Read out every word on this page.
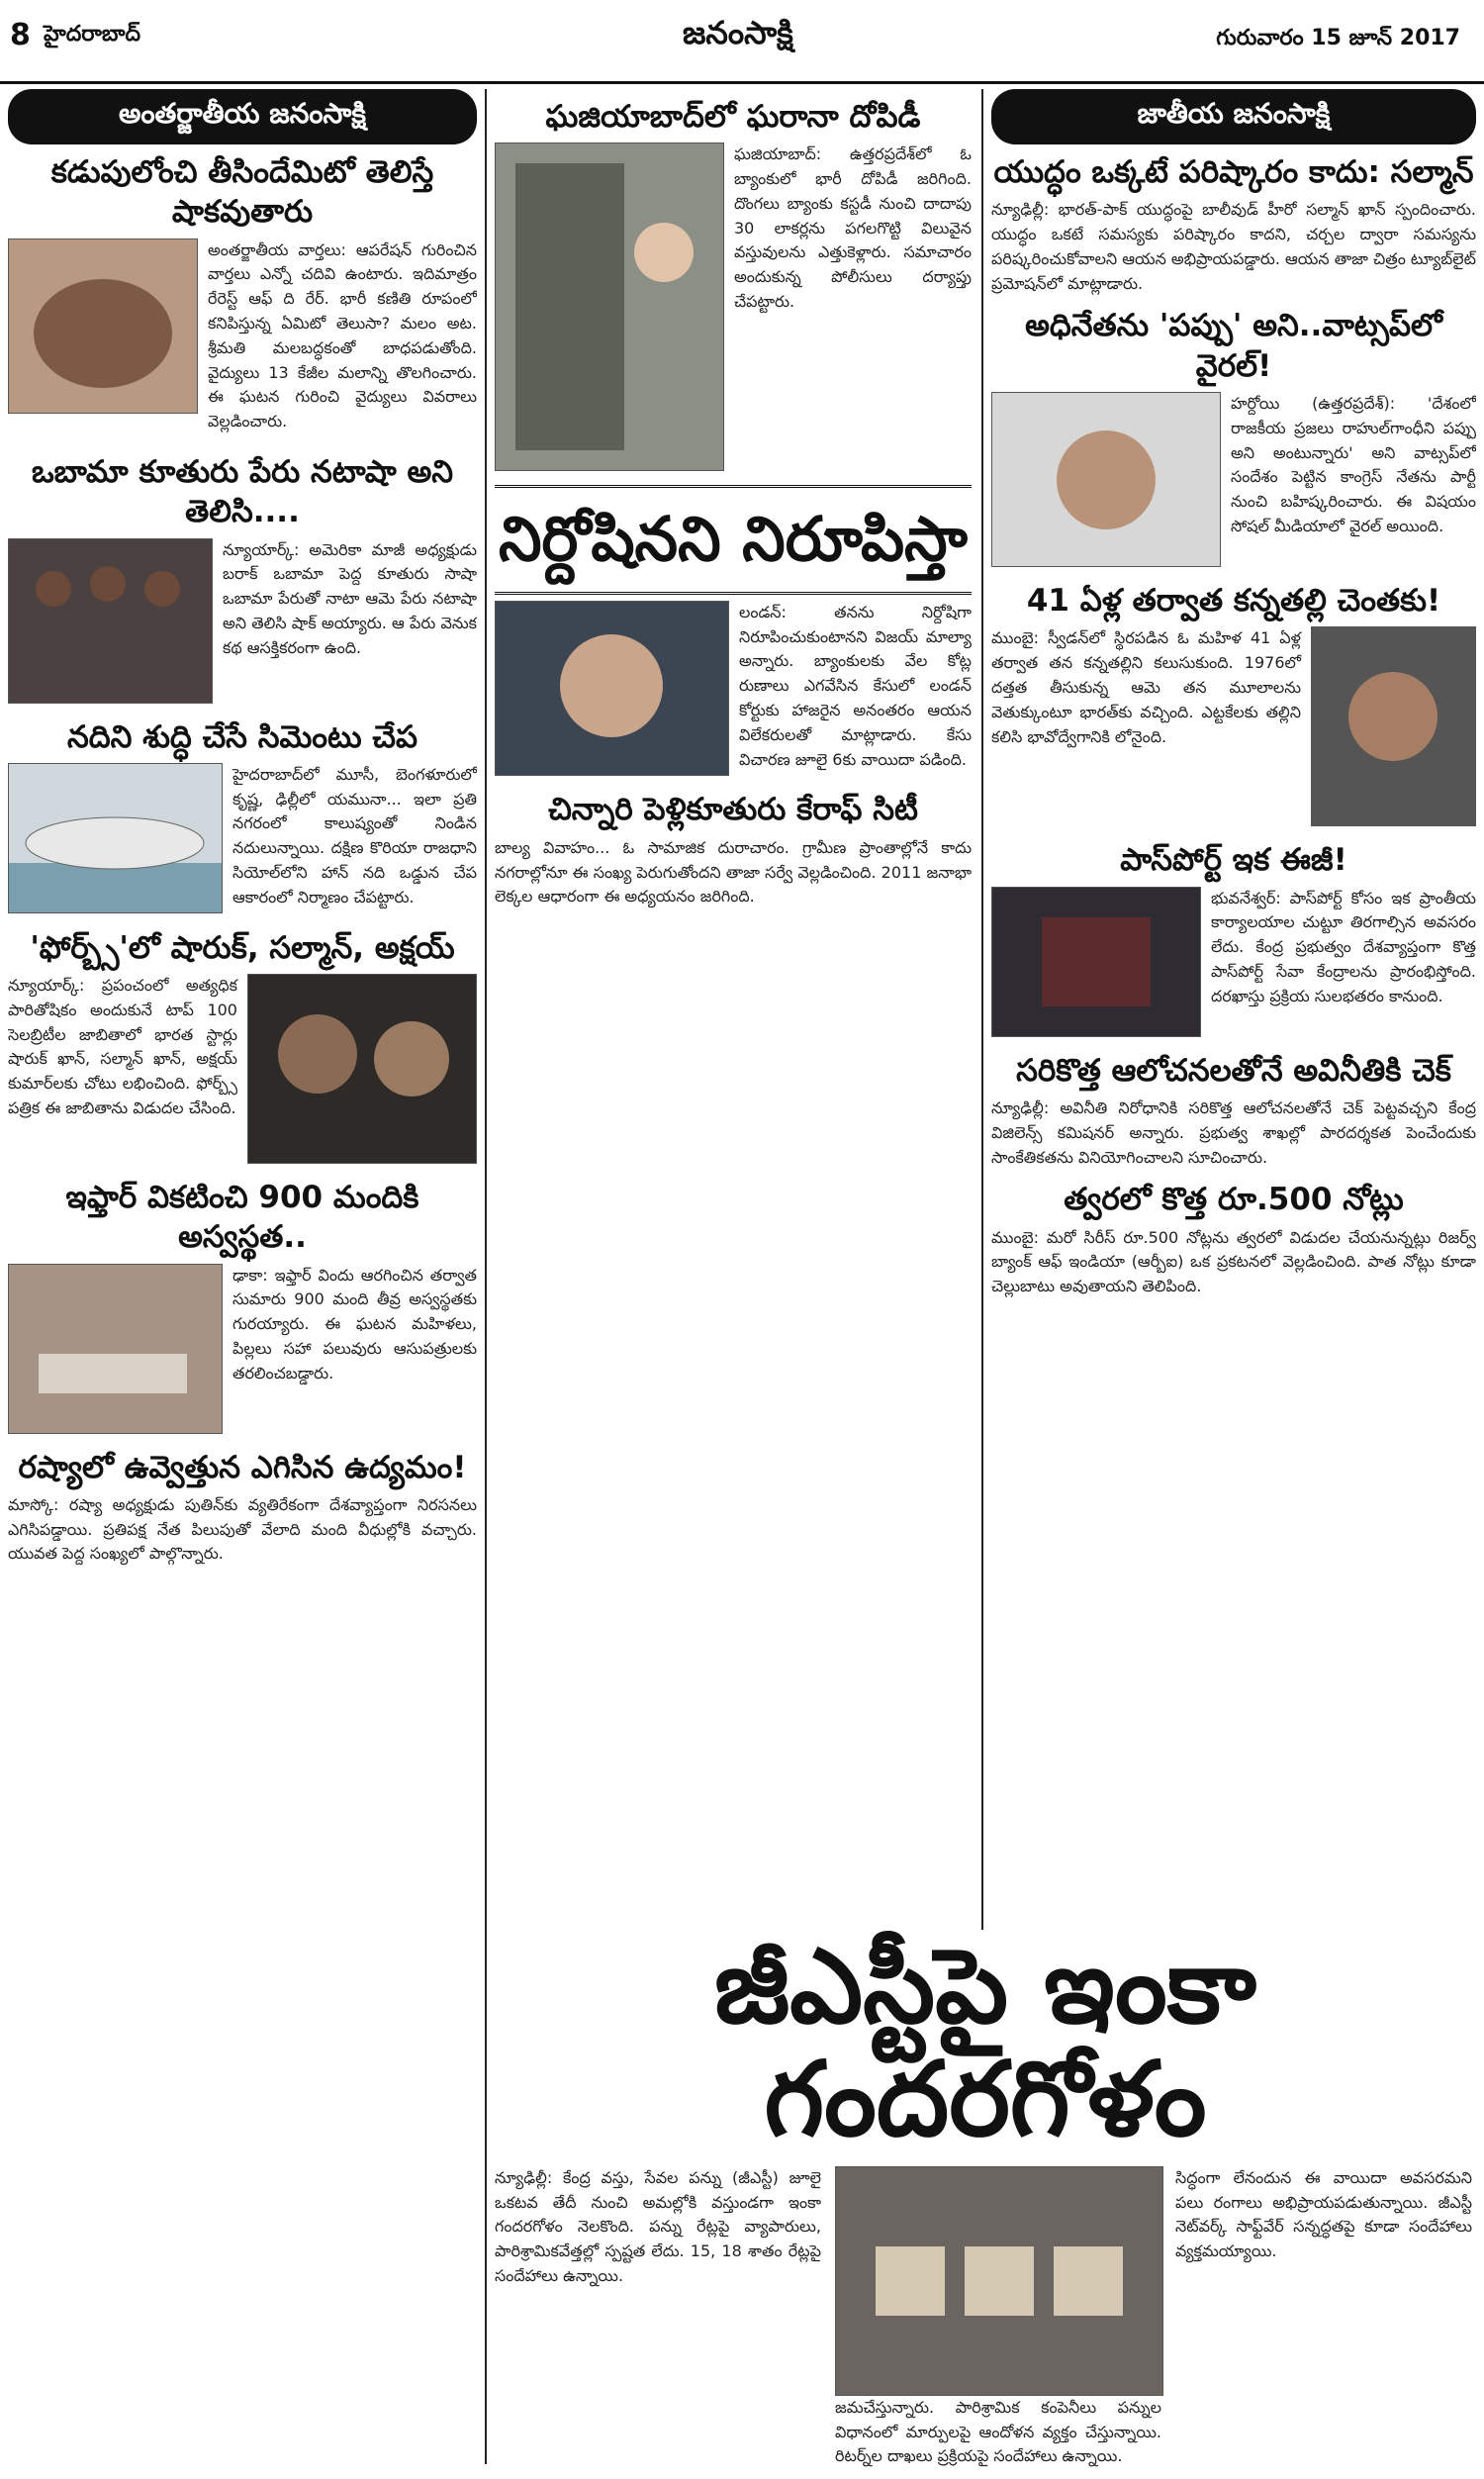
8 హైదరాబాద్	జనంసాక్షి	గురువారం 15 జూన్ 2017
అంతర్జాతీయ జనంసాక్షి
కడుపులోంచి తీసిందేమిటో తెలిస్తే షాకవుతారు

అంతర్జాతీయ వార్తలు: ఆపరేషన్ గురించిన వార్తలు ఎన్నో చదివి ఉంటారు. ఇదిమాత్రం రేరెస్ట్ ఆఫ్ ది రేర్. భారీ కణితి రూపంలో కనిపిస్తున్న ఏమిటో తెలుసా? మలం అట. శ్రీమతి మలబద్ధకంతో బాధపడుతోంది. వైద్యులు 13 కేజీల మలాన్ని తొలగించారు. ఈ ఘటన గురించి వైద్యులు వివరాలు వెల్లడించారు.

ఒబామా కూతురు పేరు నటాషా అని తెలిసి....

న్యూయార్క్: అమెరికా మాజీ అధ్యక్షుడు బరాక్ ఒబామా పెద్ద కూతురు సాషా ఒబామా పేరుతో నాటా ఆమె పేరు నటాషా అని తెలిసి షాక్ అయ్యారు. ఆ పేరు వెనుక కథ ఆసక్తికరంగా ఉంది.

నదిని శుద్ధి చేసే సిమెంటు చేప

హైదరాబాద్‌లో మూసీ, బెంగళూరులో కృష్ణ, ఢిల్లీలో యమునా... ఇలా ప్రతి నగరంలో కాలుష్యంతో నిండిన నదులున్నాయి. దక్షిణ కొరియా రాజధాని సియోల్‌లోని హాన్ నది ఒడ్డున చేప ఆకారంలో నిర్మాణం చేపట్టారు.

'ఫోర్బ్స్'లో షారుక్, సల్మాన్, అక్షయ్

న్యూయార్క్: ప్రపంచంలో అత్యధిక పారితోషికం అందుకునే టాప్ 100 సెలబ్రిటీల జాబితాలో భారత స్టార్లు షారుక్ ఖాన్, సల్మాన్ ఖాన్, అక్షయ్ కుమార్‌లకు చోటు లభించింది. ఫోర్బ్స్ పత్రిక ఈ జాబితాను విడుదల చేసింది.

ఇఫ్తార్ వికటించి 900 మందికి అస్వస్థత..

ఢాకా: ఇఫ్తార్ విందు ఆరగించిన తర్వాత సుమారు 900 మంది తీవ్ర అస్వస్థతకు గురయ్యారు. ఈ ఘటన మహిళలు, పిల్లలు సహా పలువురు ఆసుపత్రులకు తరలించబడ్డారు.

రష్యాలో ఉవ్వెత్తున ఎగిసిన ఉద్యమం!

మాస్కో: రష్యా అధ్యక్షుడు పుతిన్‌కు వ్యతిరేకంగా దేశవ్యాప్తంగా నిరసనలు ఎగిసిపడ్డాయి. ప్రతిపక్ష నేత పిలుపుతో వేలాది మంది వీధుల్లోకి వచ్చారు. యువత పెద్ద సంఖ్యలో పాల్గొన్నారు.

ఘజియాబాద్‌లో ఘరానా దోపిడీ

ఘజియాబాద్: ఉత్తరప్రదేశ్‌లో ఓ బ్యాంకులో భారీ దోపిడీ జరిగింది. దొంగలు బ్యాంకు కస్టడీ నుంచి దాదాపు 30 లాకర్లను పగలగొట్టి విలువైన వస్తువులను ఎత్తుకెళ్లారు. సమాచారం అందుకున్న పోలీసులు దర్యాప్తు చేపట్టారు.

నిర్దోషినని నిరూపిస్తా

లండన్: తనను నిర్దోషిగా నిరూపించుకుంటానని విజయ్ మాల్యా అన్నారు. బ్యాంకులకు వేల కోట్ల రుణాలు ఎగవేసిన కేసులో లండన్ కోర్టుకు హాజరైన అనంతరం ఆయన విలేకరులతో మాట్లాడారు. కేసు విచారణ జూలై 6కు వాయిదా పడింది.

చిన్నారి పెళ్లికూతురు కేరాఫ్ సిటీ

బాల్య వివాహం... ఓ సామాజిక దురాచారం. గ్రామీణ ప్రాంతాల్లోనే కాదు నగరాల్లోనూ ఈ సంఖ్య పెరుగుతోందని తాజా సర్వే వెల్లడించింది. 2011 జనాభా లెక్కల ఆధారంగా ఈ అధ్యయనం జరిగింది.

జాతీయ జనంసాక్షి
యుద్ధం ఒక్కటే పరిష్కారం కాదు: సల్మాన్

న్యూఢిల్లీ: భారత్-పాక్ యుద్ధంపై బాలీవుడ్ హీరో సల్మాన్ ఖాన్ స్పందించారు. యుద్ధం ఒకటే సమస్యకు పరిష్కారం కాదని, చర్చల ద్వారా సమస్యను పరిష్కరించుకోవాలని ఆయన అభిప్రాయపడ్డారు. ఆయన తాజా చిత్రం ట్యూబ్‌లైట్ ప్రమోషన్‌లో మాట్లాడారు.

అధినేతను 'పప్పు' అని..వాట్సప్‌లో వైరల్!

హర్దోయి (ఉత్తరప్రదేశ్): 'దేశంలో రాజకీయ ప్రజలు రాహుల్‌గాంధీని పప్పు అని అంటున్నారు' అని వాట్సప్‌లో సందేశం పెట్టిన కాంగ్రెస్ నేతను పార్టీ నుంచి బహిష్కరించారు. ఈ విషయం సోషల్ మీడియాలో వైరల్ అయింది.

41 ఏళ్ల తర్వాత కన్నతల్లి చెంతకు!

ముంబై: స్వీడన్‌లో స్థిరపడిన ఓ మహిళ 41 ఏళ్ల తర్వాత తన కన్నతల్లిని కలుసుకుంది. 1976లో దత్తత తీసుకున్న ఆమె తన మూలాలను వెతుక్కుంటూ భారత్‌కు వచ్చింది. ఎట్టకేలకు తల్లిని కలిసి భావోద్వేగానికి లోనైంది.

పాస్‌పోర్ట్ ఇక ఈజీ!

భువనేశ్వర్: పాస్‌పోర్ట్ కోసం ఇక ప్రాంతీయ కార్యాలయాల చుట్టూ తిరగాల్సిన అవసరం లేదు. కేంద్ర ప్రభుత్వం దేశవ్యాప్తంగా కొత్త పాస్‌పోర్ట్ సేవా కేంద్రాలను ప్రారంభిస్తోంది. దరఖాస్తు ప్రక్రియ సులభతరం కానుంది.

సరికొత్త ఆలోచనలతోనే అవినీతికి చెక్

న్యూఢిల్లీ: అవినీతి నిరోధానికి సరికొత్త ఆలోచనలతోనే చెక్ పెట్టవచ్చని కేంద్ర విజిలెన్స్ కమిషనర్ అన్నారు. ప్రభుత్వ శాఖల్లో పారదర్శకత పెంచేందుకు సాంకేతికతను వినియోగించాలని సూచించారు.

త్వరలో కొత్త రూ.500 నోట్లు

ముంబై: మరో సిరీస్ రూ.500 నోట్లను త్వరలో విడుదల చేయనున్నట్లు రిజర్వ్ బ్యాంక్ ఆఫ్ ఇండియా (ఆర్బీఐ) ఒక ప్రకటనలో వెల్లడించింది. పాత నోట్లు కూడా చెల్లుబాటు అవుతాయని తెలిపింది.

జీఎస్టీపై ఇంకా గందరగోళం

న్యూఢిల్లీ: కేంద్ర వస్తు, సేవల పన్ను (జీఎస్టీ) జూలై ఒకటవ తేదీ నుంచి అమల్లోకి వస్తుండగా ఇంకా గందరగోళం నెలకొంది. పన్ను రేట్లపై వ్యాపారులు, పారిశ్రామికవేత్తల్లో స్పష్టత లేదు. 15, 18 శాతం రేట్లపై సందేహాలు ఉన్నాయి.

జమచేస్తున్నారు. పారిశ్రామిక కంపెనీలు పన్నుల విధానంలో మార్పులపై ఆందోళన వ్యక్తం చేస్తున్నాయి. రిటర్న్‌ల దాఖలు ప్రక్రియపై సందేహాలు ఉన్నాయి.

సిద్ధంగా లేనందున ఈ వాయిదా అవసరమని పలు రంగాలు అభిప్రాయపడుతున్నాయి. జీఎస్టీ నెట్‌వర్క్ సాఫ్ట్‌వేర్ సన్నద్ధతపై కూడా సందేహాలు వ్యక్తమయ్యాయి.
